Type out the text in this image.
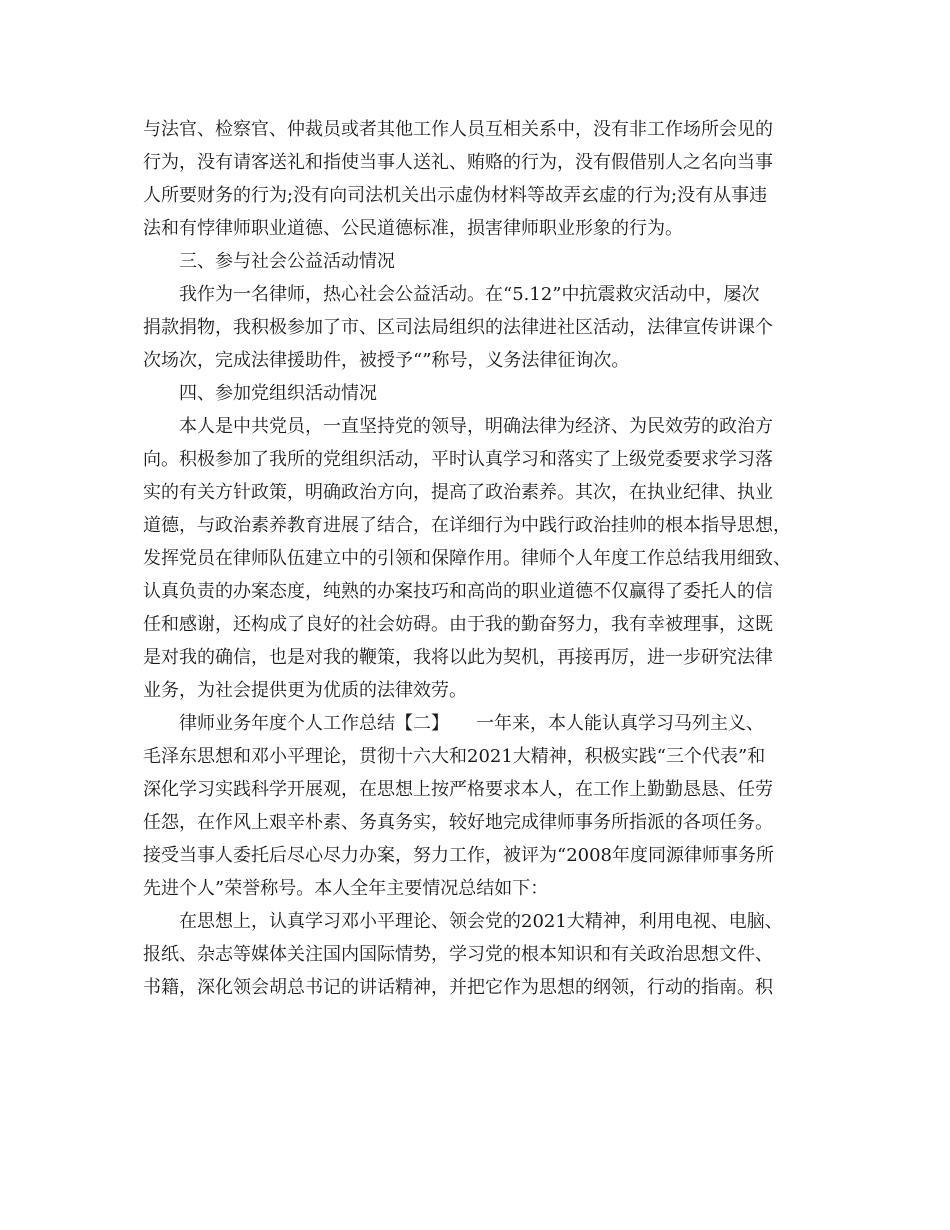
与法官、检察官、仲裁员或者其他工作人员互相关系中，没有非工作场所会见的
行为，没有请客送礼和指使当事人送礼、贿赂的行为，没有假借别人之名向当事
人所要财务的行为;没有向司法机关出示虚伪材料等故弄玄虚的行为;没有从事违
法和有悖律师职业道德、公民道德标准，损害律师职业形象的行为。
三、参与社会公益活动情况
我作为一名律师，热心社会公益活动。在“5.12”中抗震救灾活动中，屡次
捐款捐物，我积极参加了市、区司法局组织的法律进社区活动，法律宣传讲课个
次场次，完成法律援助件，被授予“”称号，义务法律征询次。
四、参加党组织活动情况
本人是中共党员，一直坚持党的领导，明确法律为经济、为民效劳的政治方
向。积极参加了我所的党组织活动，平时认真学习和落实了上级党委要求学习落
实的有关方针政策，明确政治方向，提高了政治素养。其次，在执业纪律、执业
道德，与政治素养教育进展了结合，在详细行为中践行政治挂帅的根本指导思想，
发挥党员在律师队伍建立中的引领和保障作用。律师个人年度工作总结我用细致、
认真负责的办案态度，纯熟的办案技巧和高尚的职业道德不仅赢得了委托人的信
任和感谢，还构成了良好的社会妨碍。由于我的勤奋努力，我有幸被理事，这既
是对我的确信，也是对我的鞭策，我将以此为契机，再接再厉，进一步研究法律
业务，为社会提供更为优质的法律效劳。
律师业务年度个人工作总结【二】　　一年来，本人能认真学习马列主义、
毛泽东思想和邓小平理论，贯彻十六大和2021大精神，积极实践“三个代表”和
深化学习实践科学开展观，在思想上按严格要求本人，在工作上勤勤恳恳、任劳
任怨，在作风上艰辛朴素、务真务实，较好地完成律师事务所指派的各项任务。
接受当事人委托后尽心尽力办案，努力工作，被评为“2008年度同源律师事务所
先进个人”荣誉称号。本人全年主要情况总结如下：
在思想上，认真学习邓小平理论、领会党的2021大精神，利用电视、电脑、
报纸、杂志等媒体关注国内国际情势，学习党的根本知识和有关政治思想文件、
书籍，深化领会胡总书记的讲话精神，并把它作为思想的纲领，行动的指南。积
